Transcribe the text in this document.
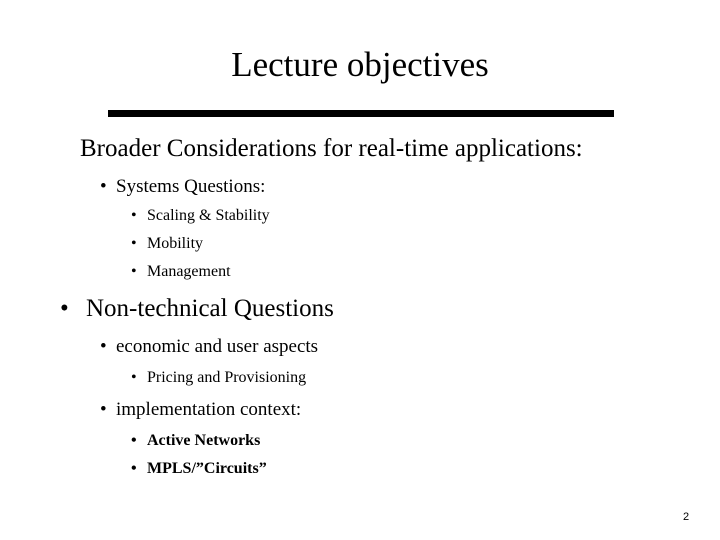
Lecture objectives
Broader Considerations for real-time applications:
• Systems Questions:
• Scaling & Stability
• Mobility
• Management
• Non-technical Questions
• economic and user aspects
• Pricing and Provisioning
• implementation context:
• Active Networks
• MPLS/”Circuits”
2
